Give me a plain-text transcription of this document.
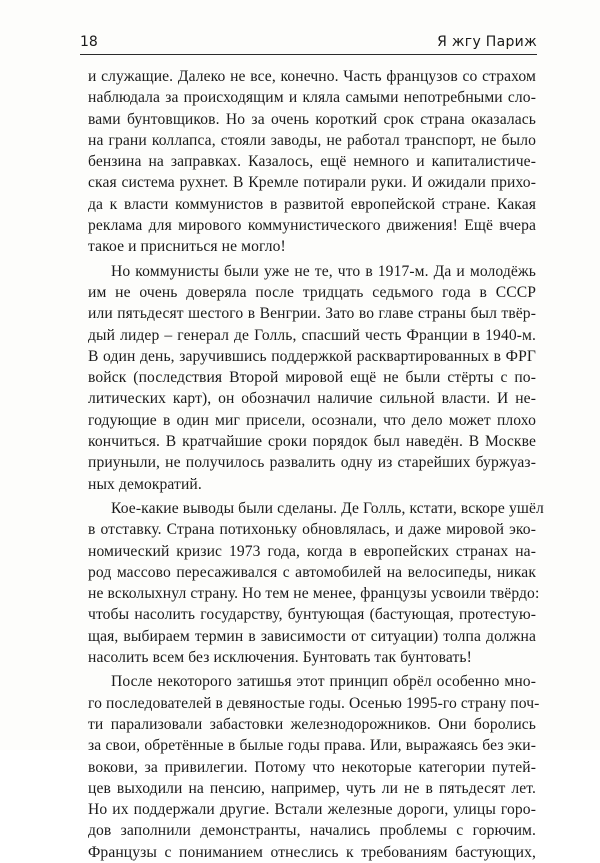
18	Я жгу Париж
и служащие. Далеко не все, конечно. Часть французов со страхом
наблюдала за происходящим и кляла самыми непотребными сло-
вами бунтовщиков. Но за очень короткий срок страна оказалась
на грани коллапса, стояли заводы, не работал транспорт, не было
бензина на заправках. Казалось, ещё немного и капиталистиче-
ская система рухнет. В Кремле потирали руки. И ожидали прихо-
да к власти коммунистов в развитой европейской стране. Какая
реклама для мирового коммунистического движения! Ещё вчера
такое и присниться не могло!
Но коммунисты были уже не те, что в 1917-м. Да и молодёжь
им не очень доверяла после тридцать седьмого года в СССР
или пятьдесят шестого в Венгрии. Зато во главе страны был твёр-
дый лидер – генерал де Голль, спасший честь Франции в 1940-м.
В один день, заручившись поддержкой расквартированных в ФРГ
войск (последствия Второй мировой ещё не были стёрты с по-
литических карт), он обозначил наличие сильной власти. И не-
годующие в один миг присели, осознали, что дело может плохо
кончиться. В кратчайшие сроки порядок был наведён. В Москве
приуныли, не получилось развалить одну из старейших буржуаз-
ных демократий.
Кое-какие выводы были сделаны. Де Голль, кстати, вскоре ушёл
в отставку. Страна потихоньку обновлялась, и даже мировой эко-
номический кризис 1973 года, когда в европейских странах на-
род массово пересаживался с автомобилей на велосипеды, никак
не всколыхнул страну. Но тем не менее, французы усвоили твёрдо:
чтобы насолить государству, бунтующая (бастующая, протестую-
щая, выбираем термин в зависимости от ситуации) толпа должна
насолить всем без исключения. Бунтовать так бунтовать!
После некоторого затишья этот принцип обрёл особенно мно-
го последователей в девяностые годы. Осенью 1995-го страну поч-
ти парализовали забастовки железнодорожников. Они боролись
за свои, обретённые в былые годы права. Или, выражаясь без эки-
вокови, за привилегии. Потому что некоторые категории путей-
цев выходили на пенсию, например, чуть ли не в пятьдесят лет.
Но их поддержали другие. Встали железные дороги, улицы горо-
дов заполнили демонстранты, начались проблемы с горючим.
Французы с пониманием отнеслись к требованиям бастующих,
